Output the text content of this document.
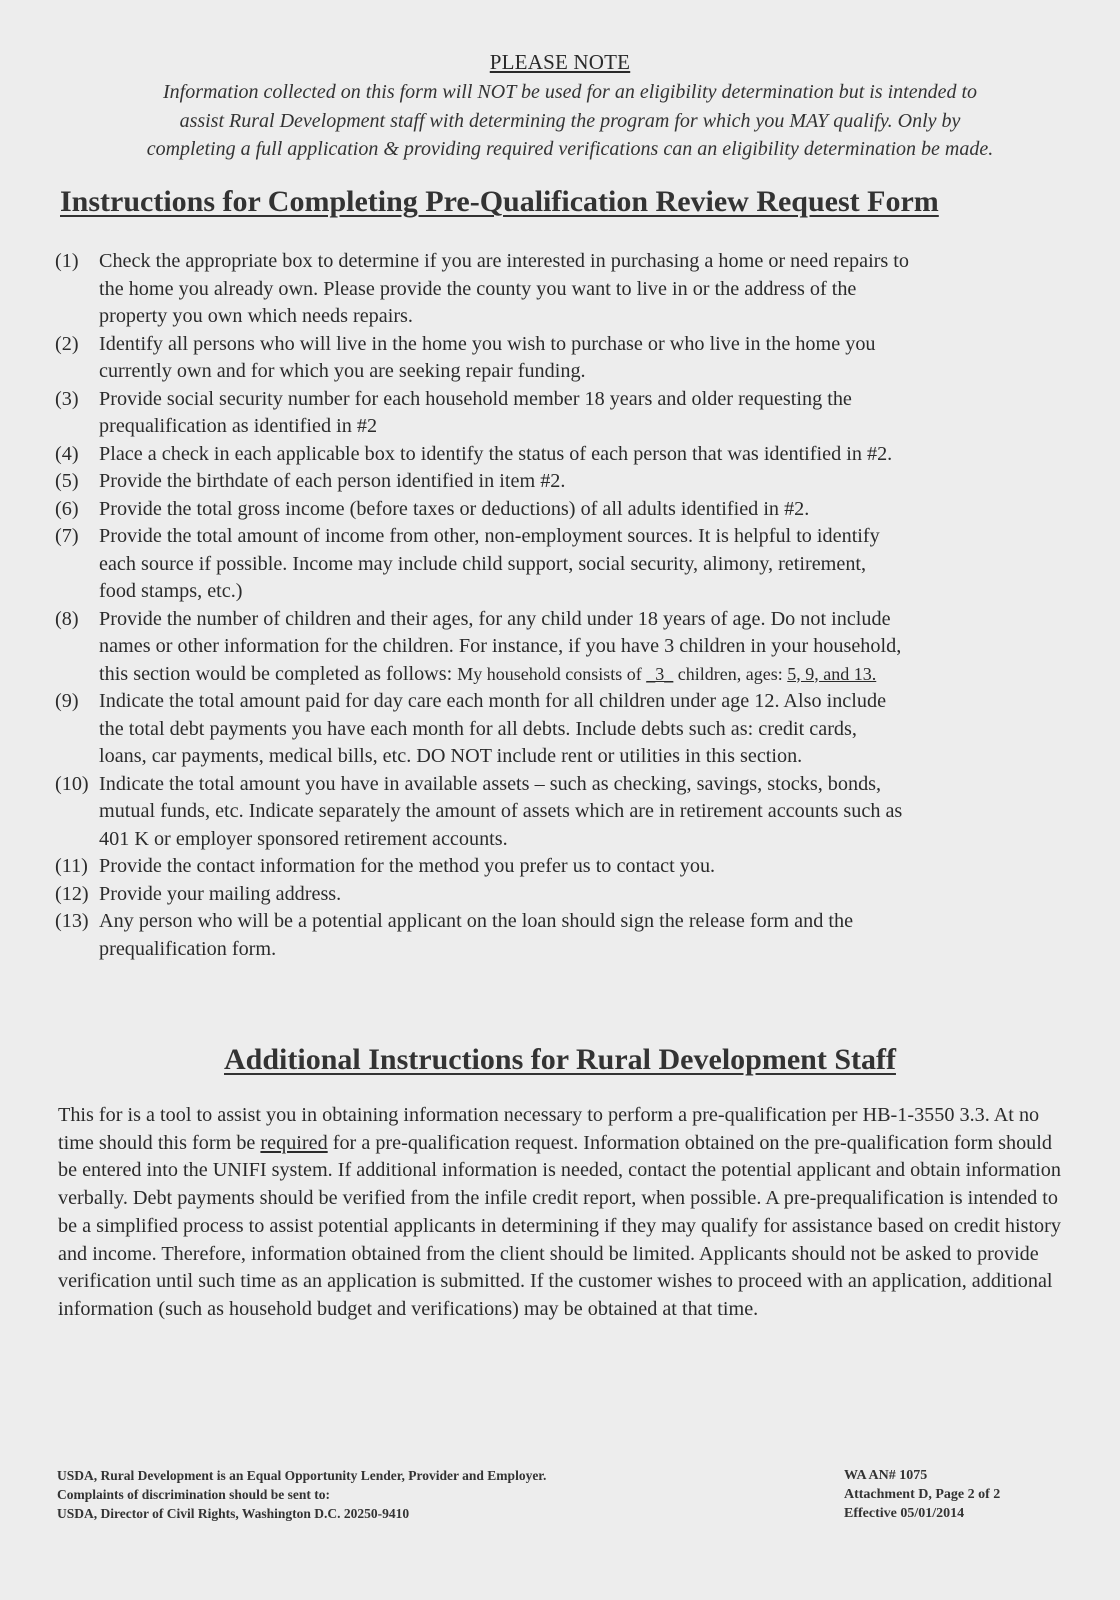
PLEASE NOTE
Information collected on this form will NOT be used for an eligibility determination but is intended to
assist Rural Development staff with determining the program for which you MAY qualify. Only by
completing a full application & providing required verifications can an eligibility determination be made.
Instructions for Completing Pre-Qualification Review Request Form
(1) Check the appropriate box to determine if you are interested in purchasing a home or need repairs to
the home you already own. Please provide the county you want to live in or the address of the
property you own which needs repairs.
(2) Identify all persons who will live in the home you wish to purchase or who live in the home you
currently own and for which you are seeking repair funding.
(3) Provide social security number for each household member 18 years and older requesting the
prequalification as identified in #2
(4) Place a check in each applicable box to identify the status of each person that was identified in #2.
(5) Provide the birthdate of each person identified in item #2.
(6) Provide the total gross income (before taxes or deductions) of all adults identified in #2.
(7) Provide the total amount of income from other, non-employment sources. It is helpful to identify
each source if possible. Income may include child support, social security, alimony, retirement,
food stamps, etc.)
(8) Provide the number of children and their ages, for any child under 18 years of age. Do not include
names or other information for the children. For instance, if you have 3 children in your household,
this section would be completed as follows: My household consists of _3_ children, ages: 5, 9, and 13.
(9) Indicate the total amount paid for day care each month for all children under age 12. Also include
the total debt payments you have each month for all debts. Include debts such as: credit cards,
loans, car payments, medical bills, etc. DO NOT include rent or utilities in this section.
(10) Indicate the total amount you have in available assets – such as checking, savings, stocks, bonds,
mutual funds, etc. Indicate separately the amount of assets which are in retirement accounts such as
401 K or employer sponsored retirement accounts.
(11) Provide the contact information for the method you prefer us to contact you.
(12) Provide your mailing address.
(13) Any person who will be a potential applicant on the loan should sign the release form and the
prequalification form.
Additional Instructions for Rural Development Staff
This for is a tool to assist you in obtaining information necessary to perform a pre-qualification per HB-1-3550 3.3. At no time should this form be required for a pre-qualification request. Information obtained on the pre-qualification form should be entered into the UNIFI system. If additional information is needed, contact the potential applicant and obtain information verbally. Debt payments should be verified from the infile credit report, when possible. A pre-prequalification is intended to be a simplified process to assist potential applicants in determining if they may qualify for assistance based on credit history and income. Therefore, information obtained from the client should be limited. Applicants should not be asked to provide verification until such time as an application is submitted. If the customer wishes to proceed with an application, additional information (such as household budget and verifications) may be obtained at that time.
USDA, Rural Development is an Equal Opportunity Lender, Provider and Employer.
Complaints of discrimination should be sent to:
USDA, Director of Civil Rights, Washington D.C. 20250-9410
WA AN# 1075
Attachment D, Page 2 of 2
Effective 05/01/2014
